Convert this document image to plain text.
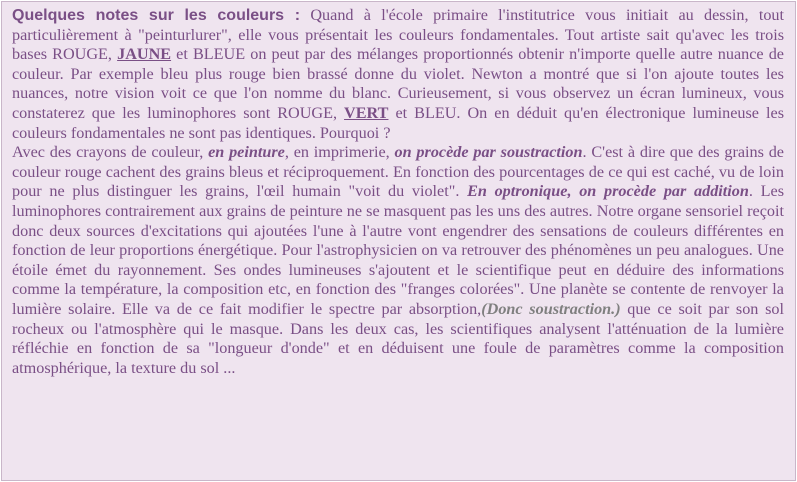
Quelques notes sur les couleurs : Quand à l'école primaire l'institutrice vous initiait au dessin, tout particulièrement à "peinturlurer", elle vous présentait les couleurs fondamentales. Tout artiste sait qu'avec les trois bases ROUGE, JAUNE et BLEUE on peut par des mélanges proportionnés obtenir n'importe quelle autre nuance de couleur. Par exemple bleu plus rouge bien brassé donne du violet. Newton a montré que si l'on ajoute toutes les nuances, notre vision voit ce que l'on nomme du blanc. Curieusement, si vous observez un écran lumineux, vous constaterez que les luminophores sont ROUGE, VERT et BLEU. On en déduit qu'en électronique lumineuse les couleurs fondamentales ne sont pas identiques. Pourquoi ?

Avec des crayons de couleur, en peinture, en imprimerie, on procède par soustraction. C'est à dire que des grains de couleur rouge cachent des grains bleus et réciproquement. En fonction des pourcentages de ce qui est caché, vu de loin pour ne plus distinguer les grains, l'œil humain "voit du violet". En optronique, on procède par addition. Les luminophores contrairement aux grains de peinture ne se masquent pas les uns des autres. Notre organe sensoriel reçoit donc deux sources d'excitations qui ajoutées l'une à l'autre vont engendrer des sensations de couleurs différentes en fonction de leur proportions énergétique. Pour l'astrophysicien on va retrouver des phénomènes un peu analogues. Une étoile émet du rayonnement. Ses ondes lumineuses s'ajoutent et le scientifique peut en déduire des informations comme la température, la composition etc, en fonction des "franges colorées". Une planète se contente de renvoyer la lumière solaire. Elle va de ce fait modifier le spectre par absorption,(Donc soustraction.) que ce soit par son sol rocheux ou l'atmosphère qui le masque. Dans les deux cas, les scientifiques analysent l'atténuation de la lumière réfléchie en fonction de sa "longueur d'onde" et en déduisent une foule de paramètres comme la composition atmosphérique, la texture du sol ...
